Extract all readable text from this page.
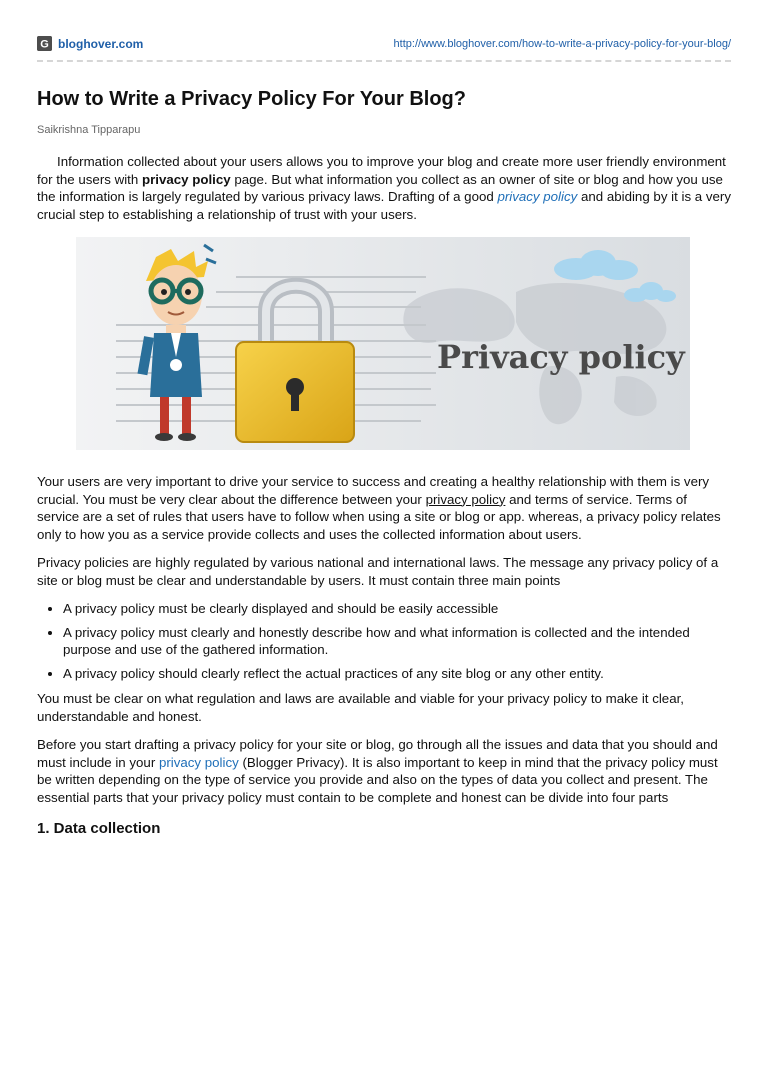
G bloghover.com	http://www.bloghover.com/how-to-write-a-privacy-policy-for-your-blog/
How to Write a Privacy Policy For Your Blog?
Saikrishna Tipparapu

Information collected about your users allows you to improve your blog and create more user friendly environment for the users with privacy policy page. But what information you collect as an owner of site or blog and how you use the information is largely regulated by various privacy laws. Drafting of a good privacy policy and abiding by it is a very crucial step to establishing a relationship of trust with your users.

Privacy policy

Your users are very important to drive your service to success and creating a healthy relationship with them is very crucial. You must be very clear about the difference between your privacy policy and terms of service. Terms of service are a set of rules that users have to follow when using a site or blog or app. whereas, a privacy policy relates only to how you as a service provide collects and uses the collected information about users.

Privacy policies are highly regulated by various national and international laws. The message any privacy policy of a site or blog must be clear and understandable by users. It must contain three main points

• A privacy policy must be clearly displayed and should be easily accessible
• A privacy policy must clearly and honestly describe how and what information is collected and the intended purpose and use of the gathered information.
• A privacy policy should clearly reflect the actual practices of any site blog or any other entity.

You must be clear on what regulation and laws are available and viable for your privacy policy to make it clear, understandable and honest.

Before you start drafting a privacy policy for your site or blog, go through all the issues and data that you should and must include in your privacy policy (Blogger Privacy). It is also important to keep in mind that the privacy policy must be written depending on the type of service you provide and also on the types of data you collect and present. The essential parts that your privacy policy must contain to be complete and honest can be divide into four parts

1. Data collection
